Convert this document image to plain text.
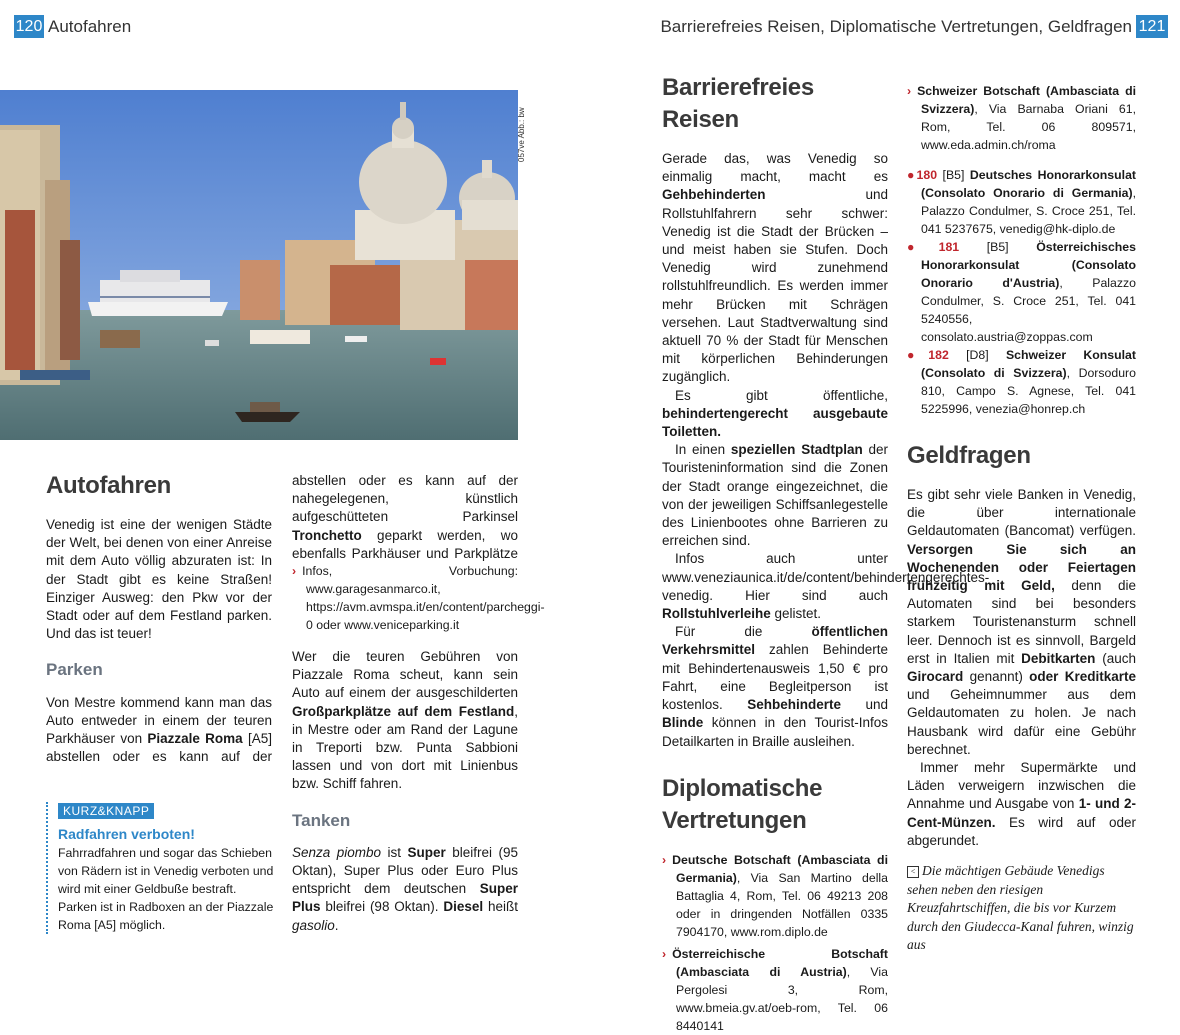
120 Autofahren	Barrierefreies Reisen, Diplomatische Vertretungen, Geldfragen 121
057ve Abb.: bw
Autofahren

Venedig ist eine der wenigen Städte der Welt, bei denen von einer Anreise mit dem Auto völlig abzuraten ist: In der Stadt gibt es keine Straßen! Einziger Ausweg: den Pkw vor der Stadt oder auf dem Festland parken. Und das ist teuer!

Parken

Von Mestre kommend kann man das Auto entweder in einem der teuren Parkhäuser von Piazzale Roma [A5] abstellen oder es kann auf der

KURZ&KNAPP
Radfahren verboten!
Fahrradfahren und sogar das Schieben von Rädern ist in Venedig verboten und wird mit einer Geldbuße bestraft. Parken ist in Radboxen an der Piazzale Roma [A5] möglich.

abstellen oder es kann auf der nahegelegenen, künstlich aufgeschütteten Parkinsel Tronchetto geparkt werden, wo ebenfalls Parkhäuser und Parkplätze

› Infos, Vorbuchung: www.garagesanmarco.it, https://avm.avmspa.it/en/content/parcheggi-0 oder www.veniceparking.it

Wer die teuren Gebühren von Piazzale Roma scheut, kann sein Auto auf einem der ausgeschilderten Großparkplätze auf dem Festland, in Mestre oder am Rand der Lagune in Treporti bzw. Punta Sabbioni lassen und von dort mit Linienbus bzw. Schiff fahren.

Tanken

Senza piombo ist Super bleifrei (95 Oktan), Super Plus oder Euro Plus entspricht dem deutschen Super Plus bleifrei (98 Oktan). Diesel heißt gasolio.

Barrierefreies Reisen

Gerade das, was Venedig so einmalig macht, macht es Gehbehinderten und Rollstuhlfahrern sehr schwer: Venedig ist die Stadt der Brücken – und meist haben sie Stufen. Doch Venedig wird zunehmend rollstuhlfreundlich. Es werden immer mehr Brücken mit Schrägen versehen. Laut Stadtverwaltung sind aktuell 70 % der Stadt für Menschen mit körperlichen Behinderungen zugänglich.

Es gibt öffentliche, behindertengerecht ausgebaute Toiletten.

In einen speziellen Stadtplan der Touristeninformation sind die Zonen der Stadt orange eingezeichnet, die von der jeweiligen Schiffsanlegestelle des Linienbootes ohne Barrieren zu erreichen sind.

Infos auch unter www.veneziaunica.it/de/content/behindertengerechtes-venedig. Hier sind auch Rollstuhlverleihe gelistet.

Für die öffentlichen Verkehrsmittel zahlen Behinderte mit Behindertenausweis 1,50 € pro Fahrt, eine Begleitperson ist kostenlos. Sehbehinderte und Blinde können in den Tourist-Infos Detailkarten in Braille ausleihen.

Diplomatische Vertretungen

› Deutsche Botschaft (Ambasciata di Germania), Via San Martino della Battaglia 4, Rom, Tel. 06 49213 208 oder in dringenden Notfällen 0335 7904170, www.rom.diplo.de

› Österreichische Botschaft (Ambasciata di Austria), Via Pergolesi 3, Rom, www.bmeia.gv.at/oeb-rom, Tel. 06 8440141

› Schweizer Botschaft (Ambasciata di Svizzera), Via Barnaba Oriani 61, Rom, Tel. 06 809571, www.eda.admin.ch/roma

●180 [B5] Deutsches Honorarkonsulat (Consolato Onorario di Germania), Palazzo Condulmer, S. Croce 251, Tel. 041 5237675, venedig@hk-diplo.de

●181 [B5] Österreichisches Honorarkonsulat (Consolato Onorario d'Austria), Palazzo Condulmer, S. Croce 251, Tel. 041 5240556, consolato.austria@zoppas.com

●182 [D8] Schweizer Konsulat (Consolato di Svizzera), Dorsoduro 810, Campo S. Agnese, Tel. 041 5225996, venezia@honrep.ch

Geldfragen

Es gibt sehr viele Banken in Venedig, die über internationale Geldautomaten (Bancomat) verfügen. Versorgen Sie sich an Wochenenden oder Feiertagen frühzeitig mit Geld, denn die Automaten sind bei besonders starkem Touristenansturm schnell leer. Dennoch ist es sinnvoll, Bargeld erst in Italien mit Debitkarten (auch Girocard genannt) oder Kreditkarte und Geheimnummer aus dem Geldautomaten zu holen. Je nach Hausbank wird dafür eine Gebühr berechnet.

Immer mehr Supermärkte und Läden verweigern inzwischen die Annahme und Ausgabe von 1- und 2-Cent-Münzen. Es wird auf oder abgerundet.

< Die mächtigen Gebäude Venedigs sehen neben den riesigen Kreuzfahrtschiffen, die bis vor Kurzem durch den Giudecca-Kanal fuhren, winzig aus
